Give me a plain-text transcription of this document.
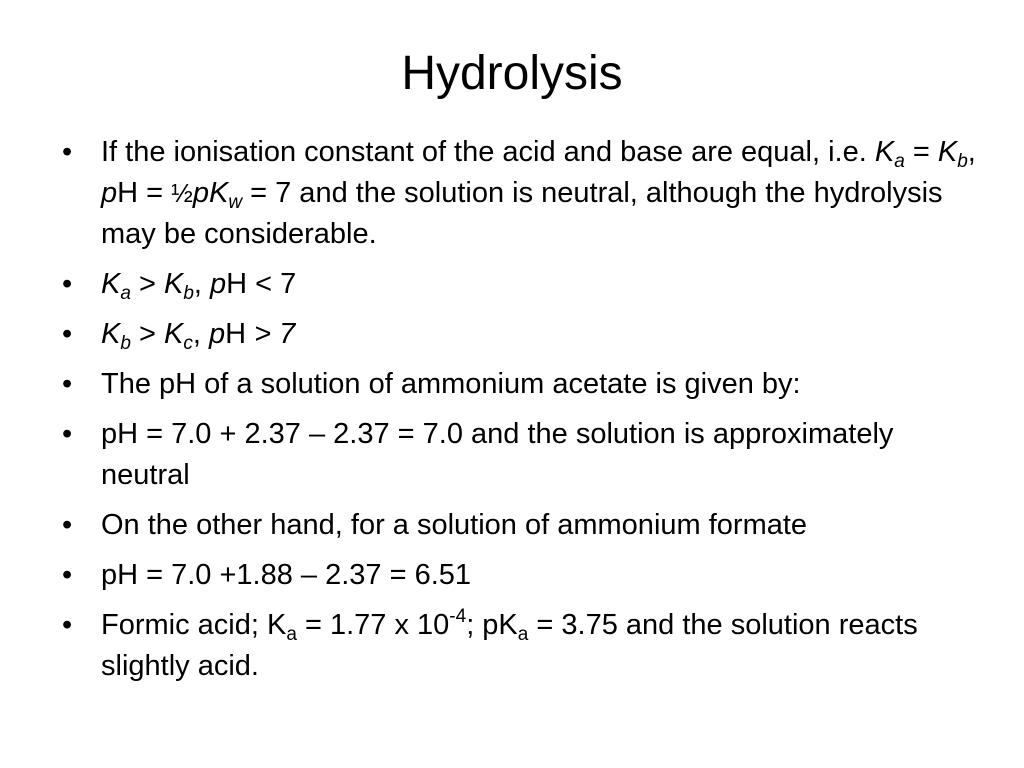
Hydrolysis
• If the ionisation constant of the acid and base are equal, i.e. $K_a = K_b$, pH = $\frac{1}{2}pK_w = 7$ and the solution is neutral, although the hydrolysis may be considerable.
• $K_a > K_b$, pH < 7
• $K_b > K_c$, pH > 7
• The pH of a solution of ammonium acetate is given by:
• pH = 7.0 + 2.37 – 2.37 = 7.0 and the solution is approximately neutral
• On the other hand, for a solution of ammonium formate
• pH = 7.0 +1.88 – 2.37 = 6.51
• Formic acid; $K_a = 1.77$ x $10^{-4}$; $pK_a = 3.75$ and the solution reacts slightly acid.
